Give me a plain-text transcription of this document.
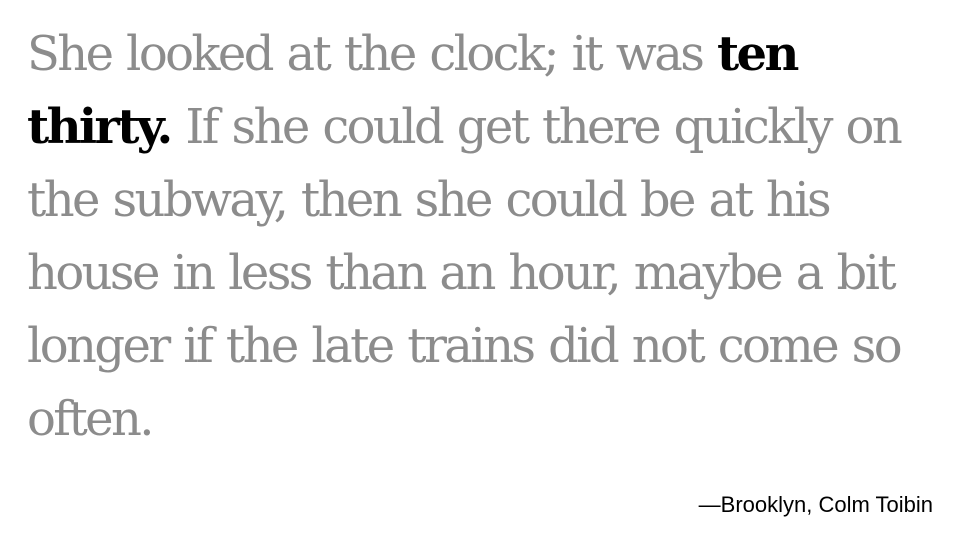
She looked at the clock; it was ten thirty. If she could get there quickly on the subway, then she could be at his house in less than an hour, maybe a bit longer if the late trains did not come so often.

—Brooklyn, Colm Toibin
